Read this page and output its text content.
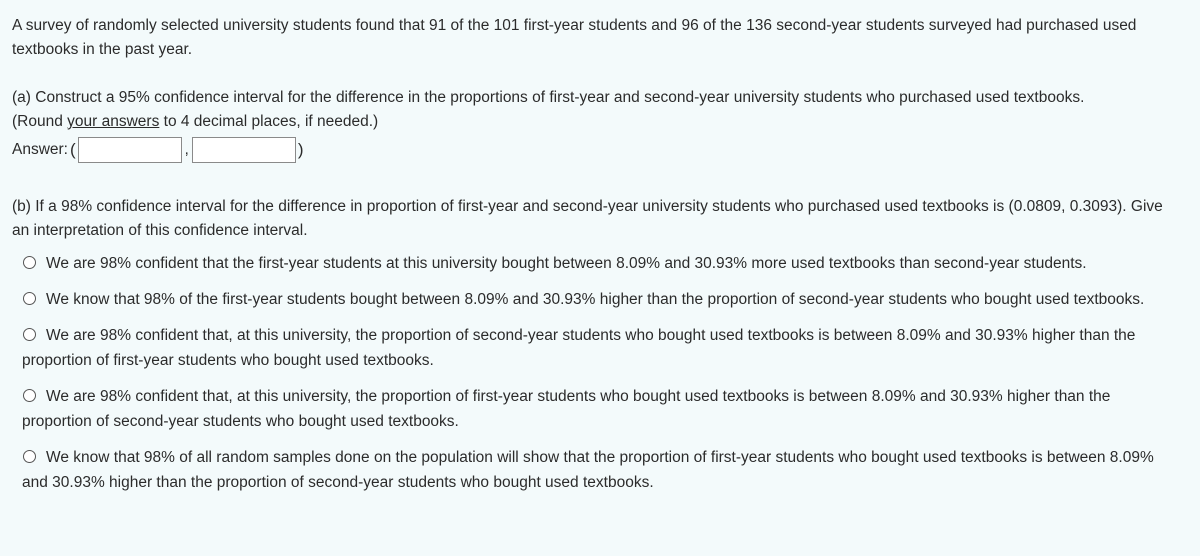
A survey of randomly selected university students found that 91 of the 101 first-year students and 96 of the 136 second-year students surveyed had purchased used textbooks in the past year.

(a) Construct a 95% confidence interval for the difference in the proportions of first-year and second-year university students who purchased used textbooks.

(Round your answers to 4 decimal places, if needed.)

Answer: (	,	)

(b) If a 98% confidence interval for the difference in proportion of first-year and second-year university students who purchased used textbooks is (0.0809, 0.3093). Give an interpretation of this confidence interval.

We are 98% confident that the first-year students at this university bought between 8.09% and 30.93% more used textbooks than second-year students.
We know that 98% of the first-year students bought between 8.09% and 30.93% higher than the proportion of second-year students who bought used textbooks.
We are 98% confident that, at this university, the proportion of second-year students who bought used textbooks is between 8.09% and 30.93% higher than the proportion of first-year students who bought used textbooks.
We are 98% confident that, at this university, the proportion of first-year students who bought used textbooks is between 8.09% and 30.93% higher than the proportion of second-year students who bought used textbooks.
We know that 98% of all random samples done on the population will show that the proportion of first-year students who bought used textbooks is between 8.09% and 30.93% higher than the proportion of second-year students who bought used textbooks.
